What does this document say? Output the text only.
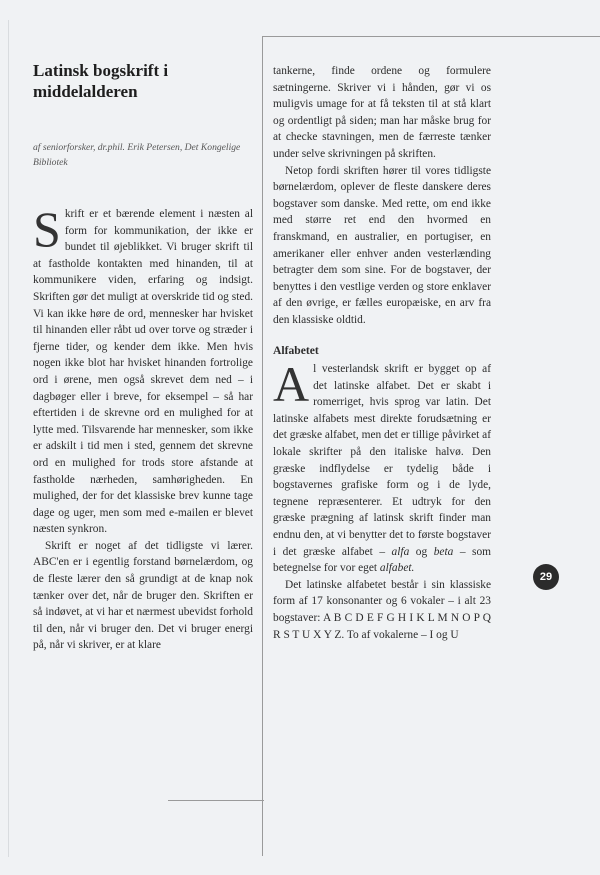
Latinsk bogskrift i middelalderen
af seniorforsker, dr.phil. Erik Petersen, Det Kongelige Bibliotek

Skrift er et bærende element i næsten al form for kommunikation, der ikke er bundet til øjeblikket. Vi bruger skrift til at fastholde kontakten med hinanden, til at kommunikere viden, erfaring og indsigt. Skriften gør det muligt at overskride tid og sted. Vi kan ikke høre de ord, mennesker har hvisket til hinanden eller råbt ud over torve og stræder i fjerne tider, og kender dem ikke. Men hvis nogen ikke blot har hvisket hinanden fortrolige ord i ørene, men også skrevet dem ned – i dagbøger eller i breve, for eksempel – så har eftertiden i de skrevne ord en mulighed for at lytte med. Tilsvarende har mennesker, som ikke er adskilt i tid men i sted, gennem det skrevne ord en mulighed for trods store afstande at fastholde nærheden, samhørigheden. En mulighed, der for det klassiske brev kunne tage dage og uger, men som med e-mailen er blevet næsten synkron.

Skrift er noget af det tidligste vi lærer. ABC'en er i egentlig forstand børnelærdom, og de fleste lærer den så grundigt at de knap nok tænker over det, når de bruger den. Skriften er så indøvet, at vi har et nærmest ubevidst forhold til den, når vi bruger den. Det vi bruger energi på, når vi skriver, er at klare

tankerne, finde ordene og formulere sætningerne. Skriver vi i hånden, gør vi os muligvis umage for at få teksten til at stå klart og ordentligt på siden; man har måske brug for at checke stavningen, men de færreste tænker under selve skrivningen på skriften.

Netop fordi skriften hører til vores tidligste børnelærdom, oplever de fleste danskere deres bogstaver som danske. Med rette, om end ikke med større ret end den hvormed en franskmand, en australier, en portugiser, en amerikaner eller enhver anden vesterlænding betragter dem som sine. For de bogstaver, der benyttes i den vestlige verden og store enklaver af den øvrige, er fælles europæiske, en arv fra den klassiske oldtid.

Alfabetet

Al vesterlandsk skrift er bygget op af det latinske alfabet. Det er skabt i romerriget, hvis sprog var latin. Det latinske alfabets mest direkte forudsætning er det græske alfabet, men det er tillige påvirket af lokale skrifter på den italiske halvø. Den græske indflydelse er tydelig både i bogstavernes grafiske form og i de lyde, tegnene repræsenterer. Et udtryk for den græske prægning af latinsk skrift finder man endnu den, at vi benytter det to første bogstaver i det græske alfabet – alfa og beta – som betegnelse for vor eget alfabet.

Det latinske alfabetet består i sin klassiske form af 17 konsonanter og 6 vokaler – i alt 23 bogstaver: A B C D E F G H I K L M N O P Q R S T U X Y Z. To af vokalerne – I og U

29
